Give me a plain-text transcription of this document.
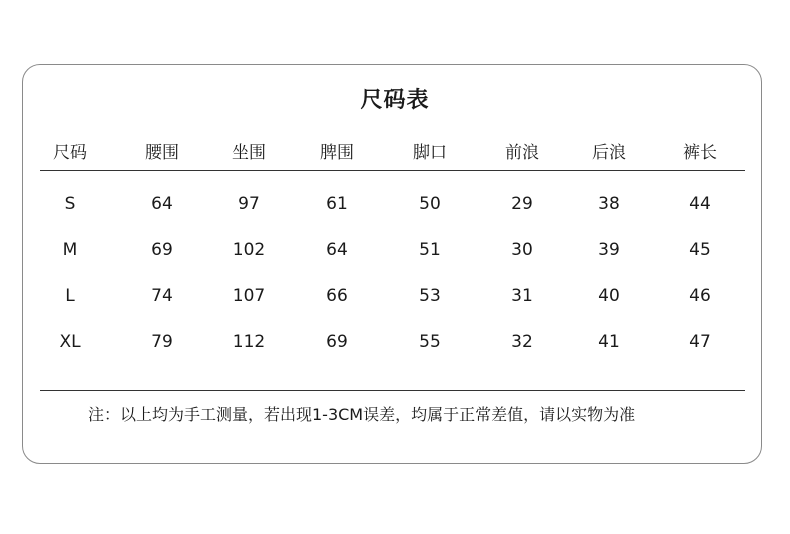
尺码表
尺码	腰围	坐围	脾围	脚口	前浪	后浪	裤长
S	64	97	61	50	29	38	44
M	69	102	64	51	30	39	45
L	74	107	66	53	31	40	46
XL	79	112	69	55	32	41	47
注：以上均为手工测量，若出现1-3CM误差，均属于正常差值，请以实物为准
